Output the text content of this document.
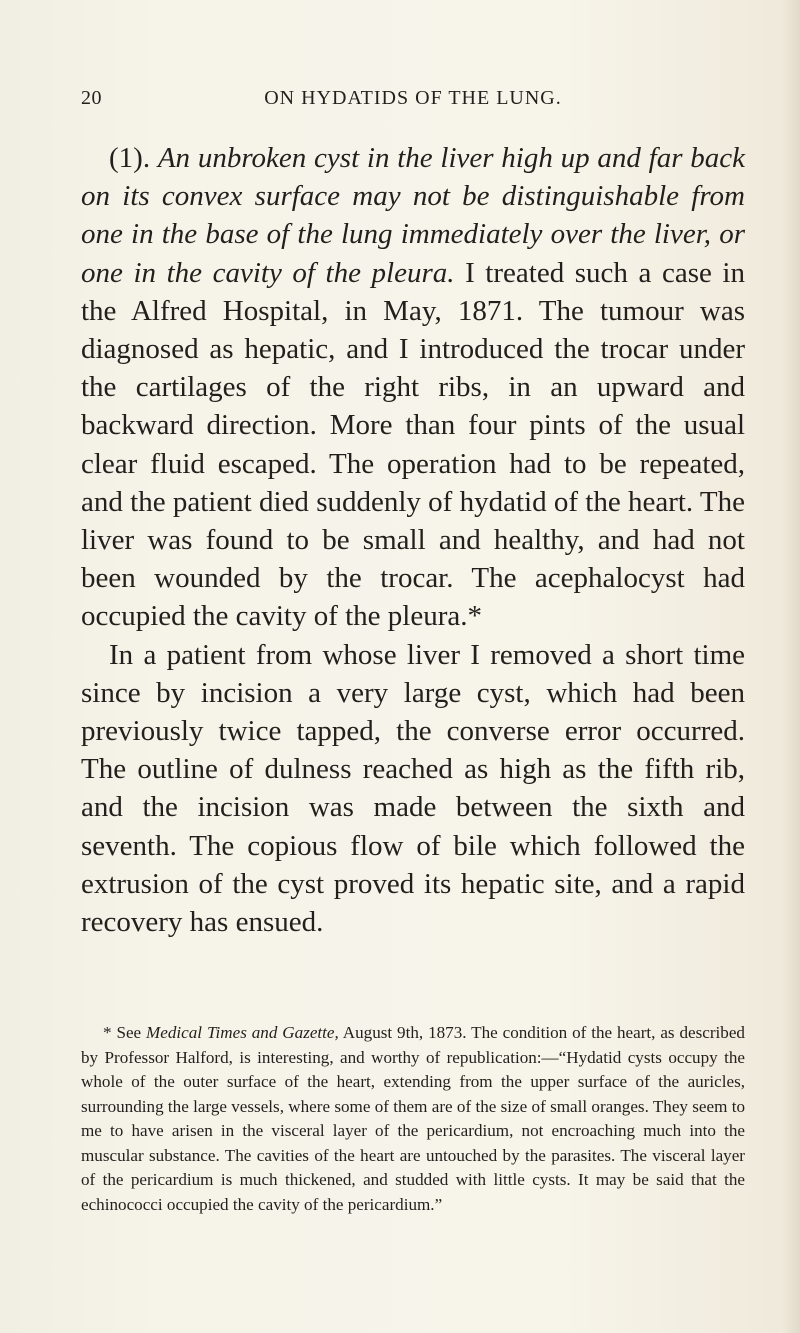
20	ON HYDATIDS OF THE LUNG.

(1). An unbroken cyst in the liver high up and far back on its convex surface may not be distinguishable from one in the base of the lung immediately over the liver, or one in the cavity of the pleura. I treated such a case in the Alfred Hospital, in May, 1871. The tumour was diagnosed as hepatic, and I introduced the trocar under the cartilages of the right ribs, in an upward and backward direction. More than four pints of the usual clear fluid escaped. The operation had to be repeated, and the patient died suddenly of hydatid of the heart. The liver was found to be small and healthy, and had not been wounded by the trocar. The acephalocyst had occupied the cavity of the pleura.*

In a patient from whose liver I removed a short time since by incision a very large cyst, which had been previously twice tapped, the converse error occurred. The outline of dulness reached as high as the fifth rib, and the incision was made between the sixth and seventh. The copious flow of bile which followed the extrusion of the cyst proved its hepatic site, and a rapid recovery has ensued.

* See Medical Times and Gazette, August 9th, 1873. The condition of the heart, as described by Professor Halford, is interesting, and worthy of republication:—“Hydatid cysts occupy the whole of the outer surface of the heart, extending from the upper surface of the auricles, surrounding the large vessels, where some of them are of the size of small oranges. They seem to me to have arisen in the visceral layer of the pericardium, not encroaching much into the muscular substance. The cavities of the heart are untouched by the parasites. The visceral layer of the pericardium is much thickened, and studded with little cysts. It may be said that the echinococci occupied the cavity of the pericardium.”
